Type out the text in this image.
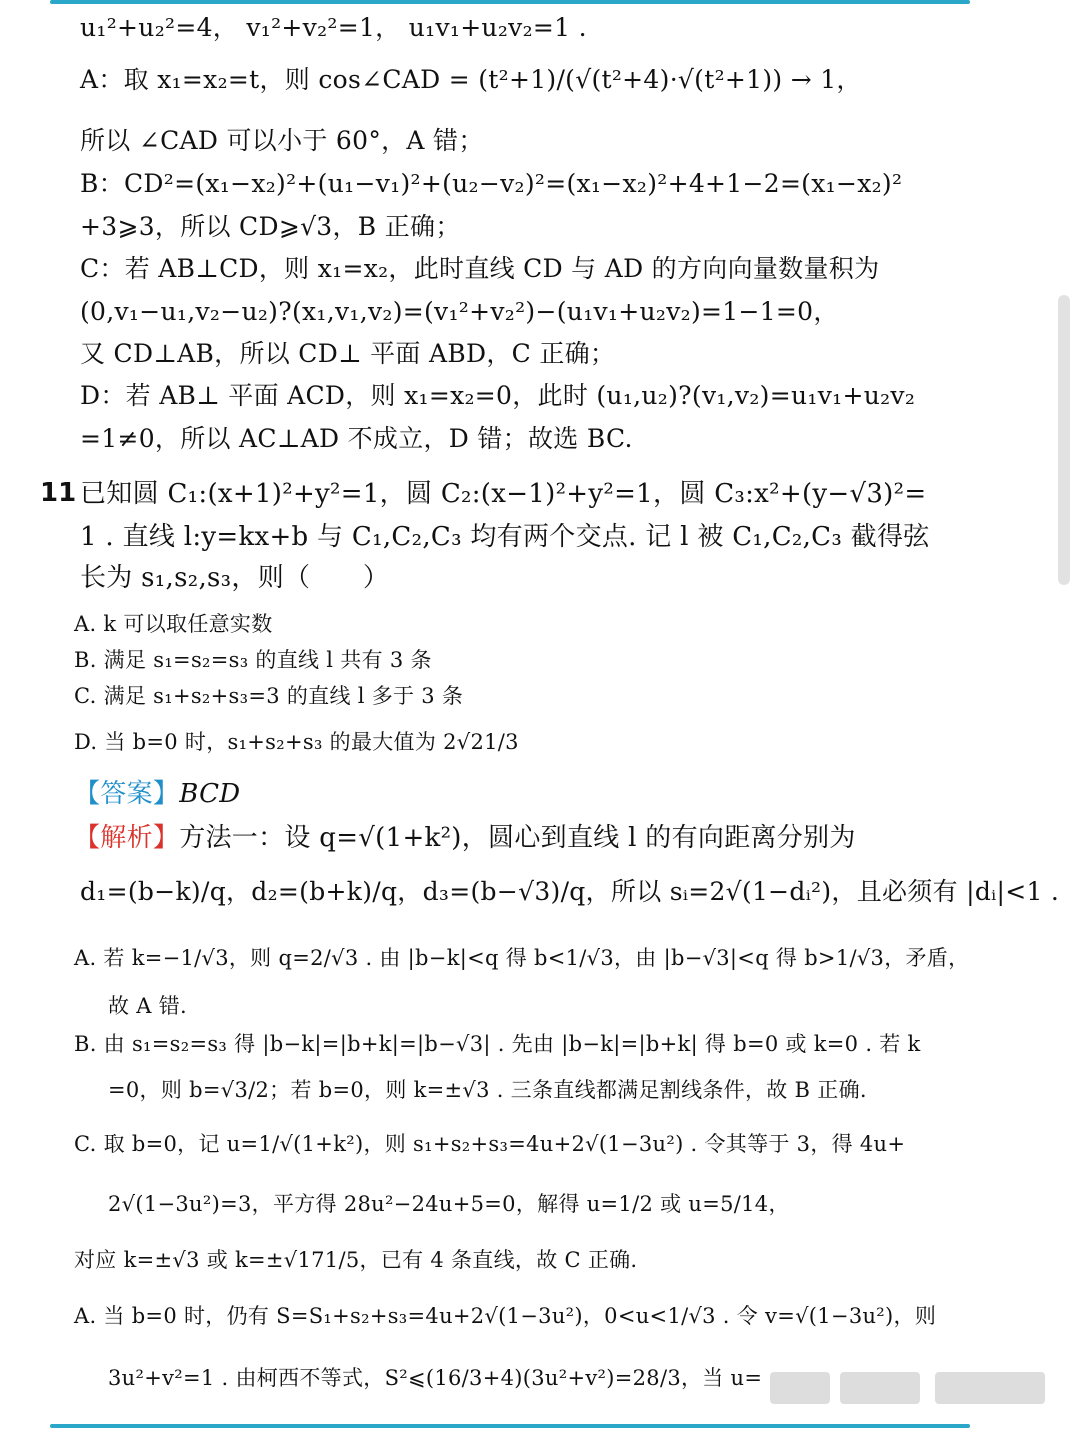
u₁²+u₂²=4， v₁²+v₂²=1， u₁v₁+u₂v₂=1 .
A：取 x₁=x₂=t，则 cos∠CAD = (t²+1)/(√(t²+4)·√(t²+1)) → 1，
所以 ∠CAD 可以小于 60°，A 错；
B：CD²=(x₁−x₂)²+(u₁−v₁)²+(u₂−v₂)²=(x₁−x₂)²+4+1−2=(x₁−x₂)²
+3⩾3，所以 CD⩾√3，B 正确；
C：若 AB⊥CD，则 x₁=x₂，此时直线 CD 与 AD 的方向向量数量积为
(0,v₁−u₁,v₂−u₂)?(x₁,v₁,v₂)=(v₁²+v₂²)−(u₁v₁+u₂v₂)=1−1=0，
又 CD⊥AB，所以 CD⊥ 平面 ABD，C 正确；
D：若 AB⊥ 平面 ACD，则 x₁=x₂=0，此时 (u₁,u₂)?(v₁,v₂)=u₁v₁+u₂v₂
=1≠0，所以 AC⊥AD 不成立，D 错；故选 BC.
11 已知圆 C₁:(x+1)²+y²=1，圆 C₂:(x−1)²+y²=1，圆 C₃:x²+(y−√3)²=
1 . 直线 l:y=kx+b 与 C₁,C₂,C₃ 均有两个交点. 记 l 被 C₁,C₂,C₃ 截得弦
长为 s₁,s₂,s₃，则（　　）
A. k 可以取任意实数
B. 满足 s₁=s₂=s₃ 的直线 l 共有 3 条
C. 满足 s₁+s₂+s₃=3 的直线 l 多于 3 条
D. 当 b=0 时，s₁+s₂+s₃ 的最大值为 2√21/3
【答案】BCD
【解析】方法一：设 q=√(1+k²)，圆心到直线 l 的有向距离分别为
d₁=(b−k)/q，d₂=(b+k)/q，d₃=(b−√3)/q，所以 sᵢ=2√(1−dᵢ²)，且必须有 |dᵢ|<1 .
A. 若 k=−1/√3，则 q=2/√3 . 由 |b−k|<q 得 b<1/√3，由 |b−√3|<q 得 b>1/√3，矛盾，
故 A 错.
B. 由 s₁=s₂=s₃ 得 |b−k|=|b+k|=|b−√3| . 先由 |b−k|=|b+k| 得 b=0 或 k=0 . 若 k
=0，则 b=√3/2；若 b=0，则 k=±√3 . 三条直线都满足割线条件，故 B 正确.
C. 取 b=0，记 u=1/√(1+k²)，则 s₁+s₂+s₃=4u+2√(1−3u²) . 令其等于 3，得 4u+
2√(1−3u²)=3，平方得 28u²−24u+5=0，解得 u=1/2 或 u=5/14，
对应 k=±√3 或 k=±√171/5，已有 4 条直线，故 C 正确.
A. 当 b=0 时，仍有 S=S₁+s₂+s₃=4u+2√(1−3u²)，0<u<1/√3 . 令 v=√(1−3u²)，则
3u²+v²=1 . 由柯西不等式，S²⩽(16/3+4)(3u²+v²)=28/3，当 u=
